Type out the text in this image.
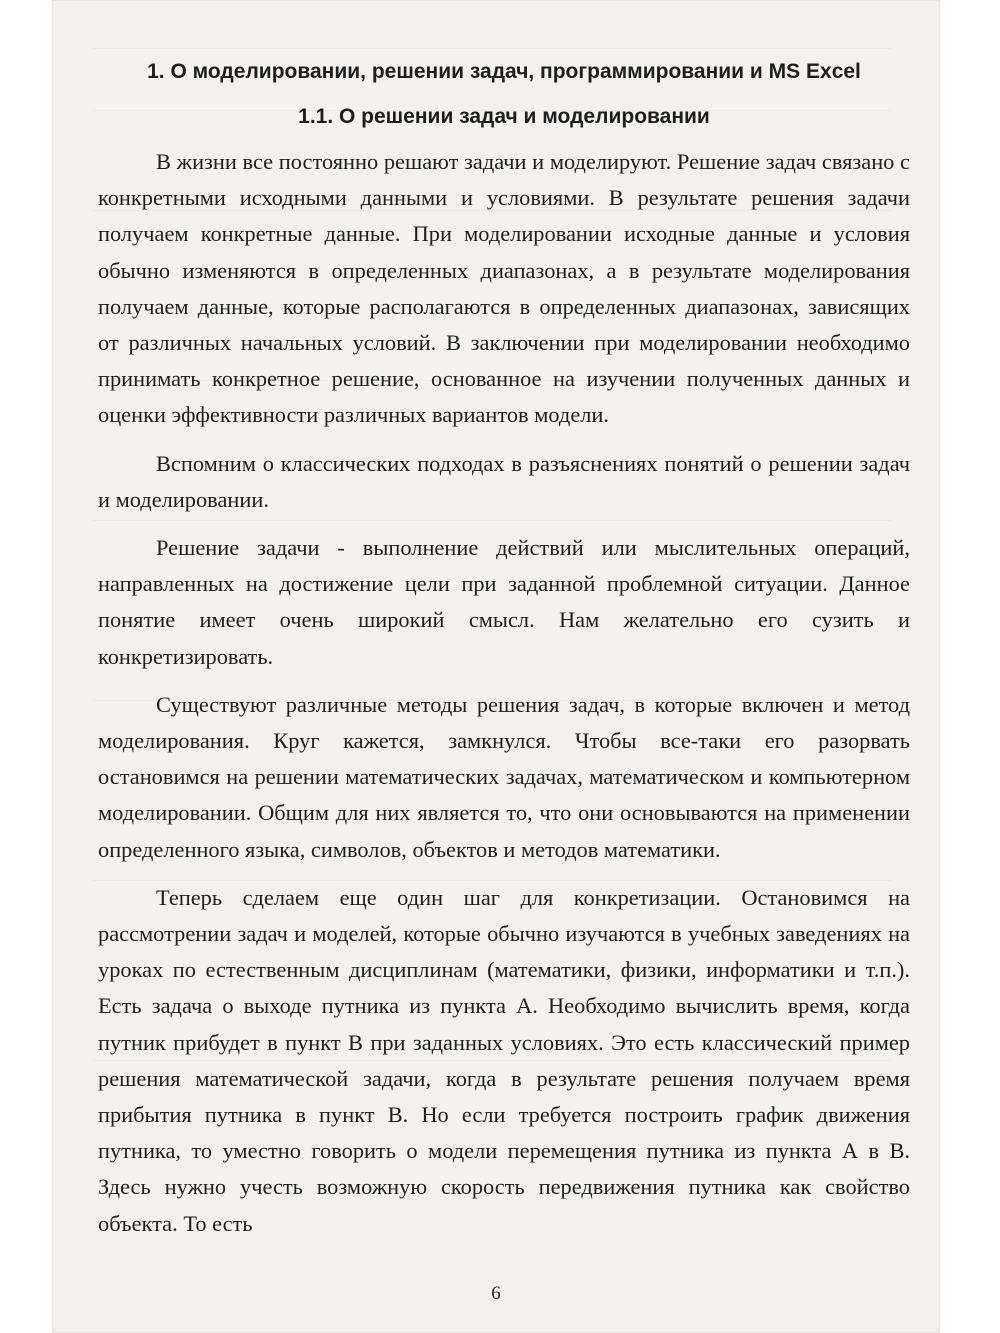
1. О моделировании, решении задач, программировании и MS Excel
1.1. О решении задач и моделировании

В жизни все постоянно решают задачи и моделируют. Решение задач связано с конкретными исходными данными и условиями. В результате решения задачи получаем конкретные данные. При моделировании исходные данные и условия обычно изменяются в определенных диапазонах, а в результате моделирования получаем данные, которые располагаются в определенных диапазонах, зависящих от различных начальных условий. В заключении при моделировании необходимо принимать конкретное решение, основанное на изучении полученных данных и оценки эффективности различных вариантов модели.

Вспомним о классических подходах в разъяснениях понятий о решении задач и моделировании.

Решение задачи - выполнение действий или мыслительных операций, направленных на достижение цели при заданной проблемной ситуации. Данное понятие имеет очень широкий смысл. Нам желательно его сузить и конкретизировать.

Существуют различные методы решения задач, в которые включен и метод моделирования. Круг кажется, замкнулся. Чтобы все-таки его разорвать остановимся на решении математических задачах, математическом и компьютерном моделировании. Общим для них является то, что они основываются на применении определенного языка, символов, объектов и методов математики.

Теперь сделаем еще один шаг для конкретизации. Остановимся на рассмотрении задач и моделей, которые обычно изучаются в учебных заведениях на уроках по естественным дисциплинам (математики, физики, информатики и т.п.). Есть задача о выходе путника из пункта А. Необходимо вычислить время, когда путник прибудет в пункт В при заданных условиях. Это есть классический пример решения математической задачи, когда в результате решения получаем время прибытия путника в пункт В. Но если требуется построить график движения путника, то уместно говорить о модели перемещения путника из пункта А в В. Здесь нужно учесть возможную скорость передвижения путника как свойство объекта. То есть

6
